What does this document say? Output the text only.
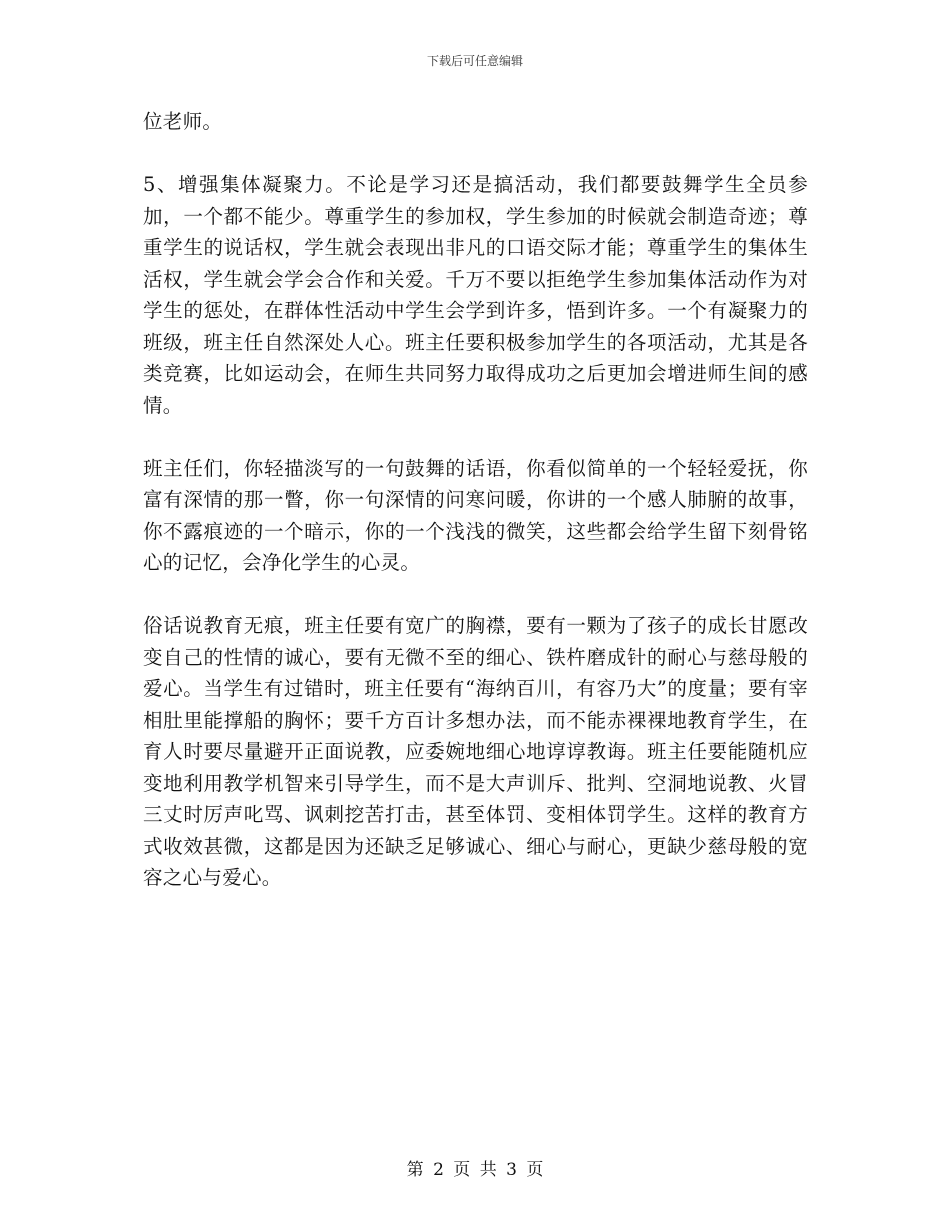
下载后可任意编辑

位老师。

5、增强集体凝聚力。不论是学习还是搞活动，我们都要鼓舞学生全员参加，一个都不能少。尊重学生的参加权，学生参加的时候就会制造奇迹；尊重学生的说话权，学生就会表现出非凡的口语交际才能；尊重学生的集体生活权，学生就会学会合作和关爱。千万不要以拒绝学生参加集体活动作为对学生的惩处，在群体性活动中学生会学到许多，悟到许多。一个有凝聚力的班级，班主任自然深处人心。班主任要积极参加学生的各项活动，尤其是各类竞赛，比如运动会，在师生共同努力取得成功之后更加会增进师生间的感情。

班主任们，你轻描淡写的一句鼓舞的话语，你看似简单的一个轻轻爱抚，你富有深情的那一瞥，你一句深情的问寒问暖，你讲的一个感人肺腑的故事，你不露痕迹的一个暗示，你的一个浅浅的微笑，这些都会给学生留下刻骨铭心的记忆，会净化学生的心灵。

俗话说教育无痕，班主任要有宽广的胸襟，要有一颗为了孩子的成长甘愿改变自己的性情的诚心，要有无微不至的细心、铁杵磨成针的耐心与慈母般的爱心。当学生有过错时，班主任要有“海纳百川，有容乃大”的度量；要有宰相肚里能撑船的胸怀；要千方百计多想办法，而不能赤裸裸地教育学生，在育人时要尽量避开正面说教，应委婉地细心地谆谆教诲。班主任要能随机应变地利用教学机智来引导学生，而不是大声训斥、批判、空洞地说教、火冒三丈时厉声叱骂、讽刺挖苦打击，甚至体罚、变相体罚学生。这样的教育方式收效甚微，这都是因为还缺乏足够诚心、细心与耐心，更缺少慈母般的宽容之心与爱心。

第 2 页 共 3 页
